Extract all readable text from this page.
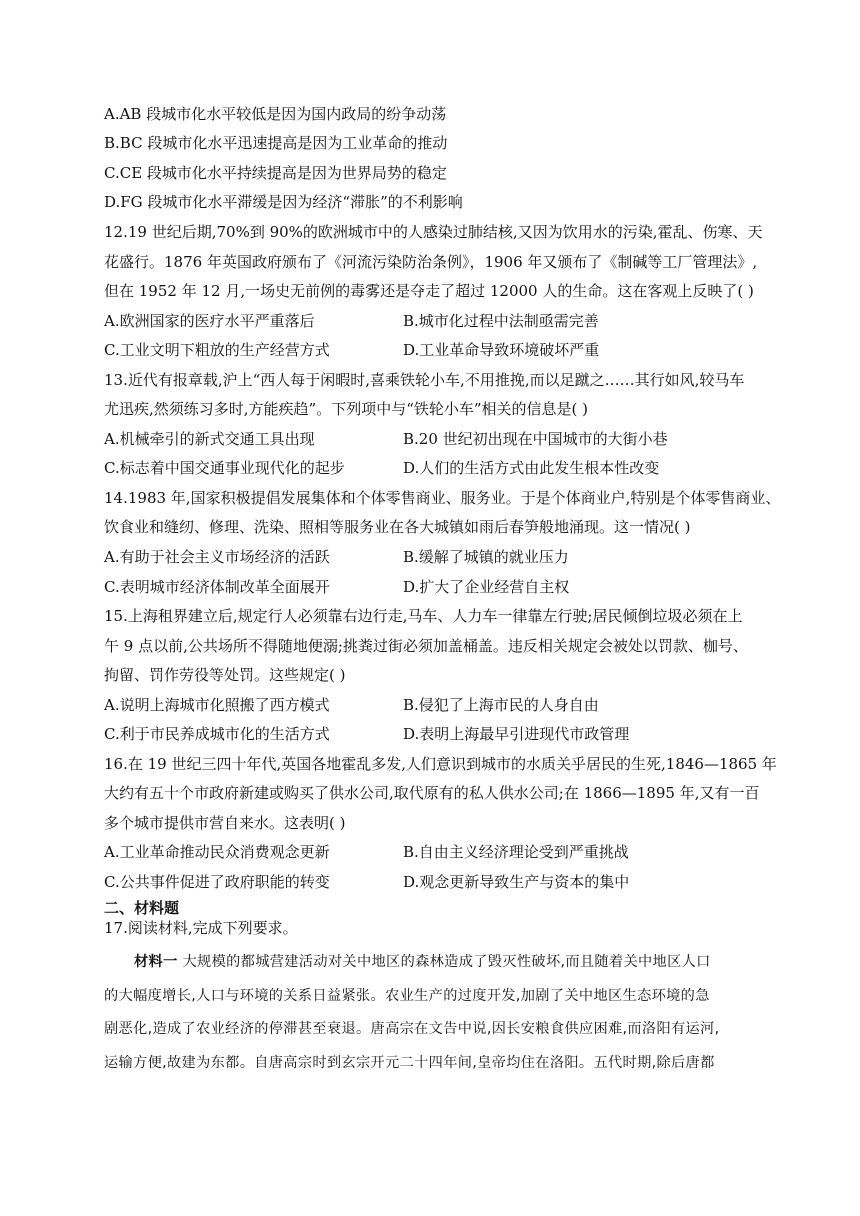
A.AB 段城市化水平较低是因为国内政局的纷争动荡
B.BC 段城市化水平迅速提高是因为工业革命的推动
C.CE 段城市化水平持续提高是因为世界局势的稳定
D.FG 段城市化水平滞缓是因为经济“滞胀”的不利影响
12.19 世纪后期,70%到 90%的欧洲城市中的人感染过肺结核,又因为饮用水的污染,霍乱、伤寒、天
花盛行。1876 年英国政府颁布了《河流污染防治条例》，1906 年又颁布了《制碱等工厂管理法》,
但在 1952 年 12 月,一场史无前例的毒雾还是夺走了超过 12000 人的生命。这在客观上反映了( )
A.欧洲国家的医疗水平严重落后	B.城市化过程中法制亟需完善
C.工业文明下粗放的生产经营方式	D.工业革命导致环境破坏严重
13.近代有报章载,沪上“西人每于闲暇时,喜乘铁轮小车,不用推挽,而以足蹴之……其行如风,较马车
尤迅疾,然须练习多时,方能疾趋”。下列项中与“铁轮小车”相关的信息是( )
A.机械牵引的新式交通工具出现	B.20 世纪初出现在中国城市的大街小巷
C.标志着中国交通事业现代化的起步	D.人们的生活方式由此发生根本性改变
14.1983 年,国家积极提倡发展集体和个体零售商业、服务业。于是个体商业户,特别是个体零售商业、
饮食业和缝纫、修理、洗染、照相等服务业在各大城镇如雨后春笋般地涌现。这一情况( )
A.有助于社会主义市场经济的活跃	B.缓解了城镇的就业压力
C.表明城市经济体制改革全面展开	D.扩大了企业经营自主权
15.上海租界建立后,规定行人必须靠右边行走,马车、人力车一律靠左行驶;居民倾倒垃圾必须在上
午 9 点以前,公共场所不得随地便溺;挑粪过街必须加盖桶盖。违反相关规定会被处以罚款、枷号、
拘留、罚作劳役等处罚。这些规定( )
A.说明上海城市化照搬了西方模式	B.侵犯了上海市民的人身自由
C.利于市民养成城市化的生活方式	D.表明上海最早引进现代市政管理
16.在 19 世纪三四十年代,英国各地霍乱多发,人们意识到城市的水质关乎居民的生死,1846—1865 年
大约有五十个市政府新建或购买了供水公司,取代原有的私人供水公司;在 1866—1895 年,又有一百
多个城市提供市营自来水。这表明( )
A.工业革命推动民众消费观念更新	B.自由主义经济理论受到严重挑战
C.公共事件促进了政府职能的转变	D.观念更新导致生产与资本的集中
二、材料题
17.阅读材料,完成下列要求。
材料一 大规模的都城营建活动对关中地区的森林造成了毁灭性破坏,而且随着关中地区人口
的大幅度增长,人口与环境的关系日益紧张。农业生产的过度开发,加剧了关中地区生态环境的急
剧恶化,造成了农业经济的停滞甚至衰退。唐高宗在文告中说,因长安粮食供应困难,而洛阳有运河,
运输方便,故建为东都。自唐高宗时到玄宗开元二十四年间,皇帝均住在洛阳。五代时期,除后唐都
